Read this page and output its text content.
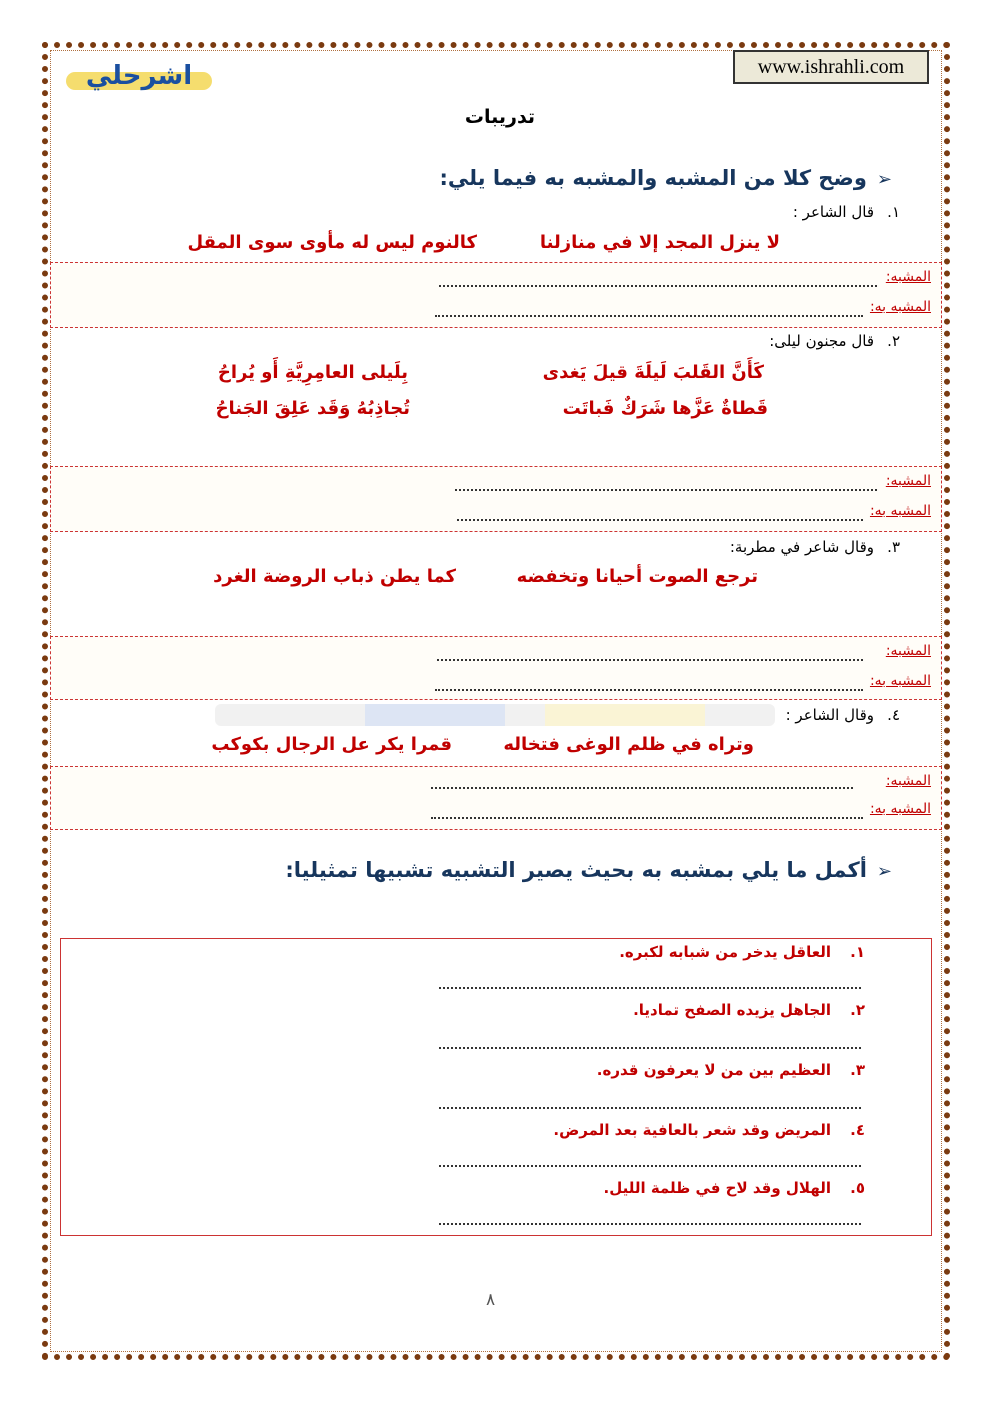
اشرحلي	www.ishrahli.com
تدريبات
➢وضح كلا من المشبه والمشبه به فيما يلي:
.١
قال الشاعر :
لا ينزل المجد إلا في منازلنا
كالنوم ليس له مأوى سوى المقل
المشبه:
المشبه به:
.٢
قال مجنون ليلى:
كَأَنَّ القَلبَ لَيلَةَ قيلَ يَغدى
بِلَيلى العامِرِيَّةِ أَو يُراحُ
قَطاةٌ عَزَّها شَرَكٌ فَباتَت
تُجاذِبُهُ وَقَد عَلِقَ الجَناحُ
المشبه:
المشبه به:
.٣
وقال شاعر في مطربة:
ترجع الصوت أحيانا وتخفضه
كما يطن ذباب الروضة الغرد
المشبه:
المشبه به:
.٤
وقال الشاعر :
وتراه في ظلم الوغى فتخاله
قمرا يكر عل الرجال بكوكب
المشبه:
المشبه به:
➢أكمل ما يلي بمشبه به بحيث يصير التشبيه تشبيها تمثيليا:
.١
العاقل يدخر من شبابه لكبره.
.٢
الجاهل يزيده الصفح تماديا.
.٣
العظيم بين من لا يعرفون قدره.
.٤
المريض وقد شعر بالعافية بعد المرض.
.٥
الهلال وقد لاح في ظلمة الليل.
٨
